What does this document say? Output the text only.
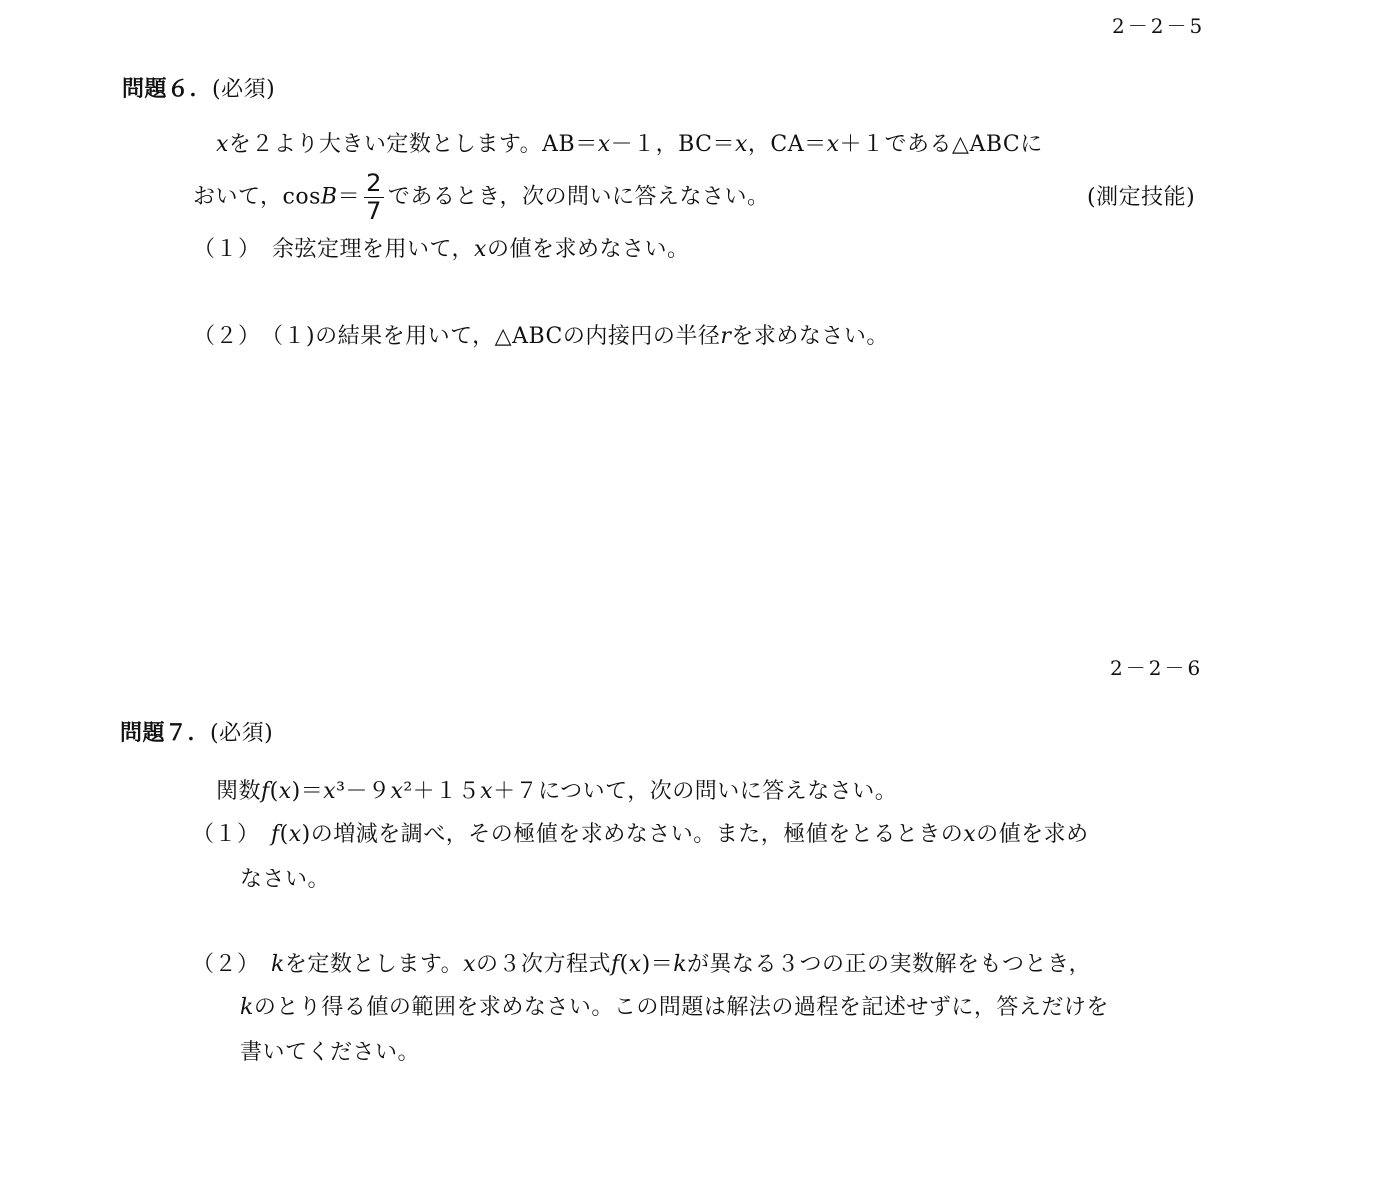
2－2－5
問題６．(必須)
𝑥を２より大きい定数とします。AB＝𝑥－１，BC＝𝑥，CA＝𝑥＋１である△ABCに
おいて，cos𝐵＝ $\frac{2}{7}$ であるとき，次の問いに答えなさい。	(測定技能)
（１）　余弦定理を用いて，𝑥の値を求めなさい。
（２）　（１)の結果を用いて，△ABCの内接円の半径𝑟を求めなさい。
2－2－6
問題７．(必須)
関数𝑓(𝑥)＝𝑥³－９𝑥²＋１５𝑥＋７について，次の問いに答えなさい。
（１）　𝑓(𝑥)の増減を調べ，その極値を求めなさい。また，極値をとるときの𝑥の値を求め
なさい。
（２）　𝑘を定数とします。𝑥の３次方程式𝑓(𝑥)＝𝑘が異なる３つの正の実数解をもつとき，
𝑘のとり得る値の範囲を求めなさい。この問題は解法の過程を記述せずに，答えだけを
書いてください。
